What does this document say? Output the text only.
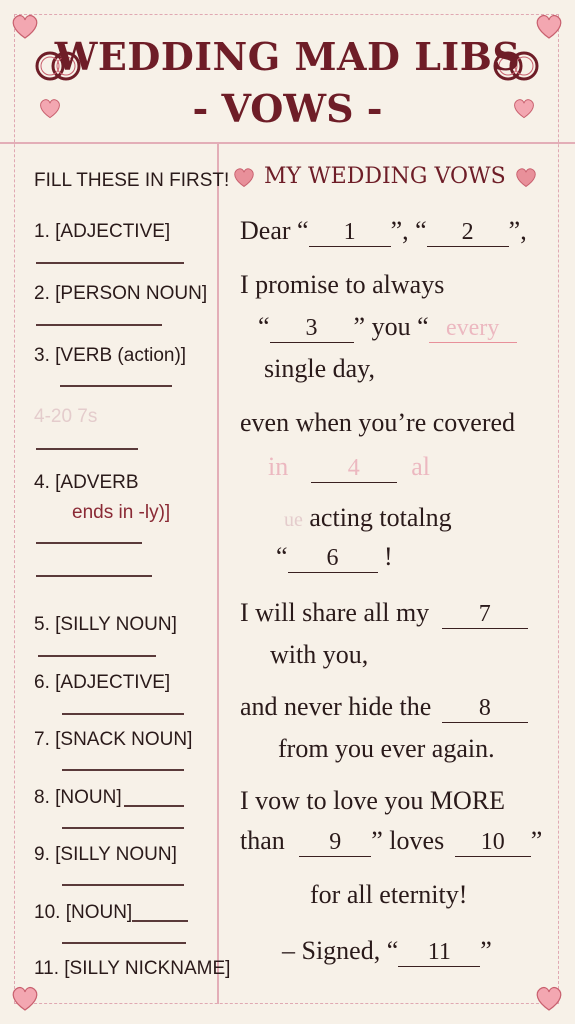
WEDDING MAD LIBS
- VOWS -
FILL THESE IN FIRST!
1. [ADJECTIVE]
2. [PERSON NOUN]
3. [VERB (action)]
4-20 7s
4. [ADVERB
ends in -ly)]
5. [SILLY NOUN]
6. [ADJECTIVE]
7. [SNACK NOUN]
8. [NOUN]
9. [SILLY NOUN]
10. [NOUN]
11. [SILLY NICKNAME]
MY WEDDING VOWS
Dear “ 1 ”, “ 2 ”,
I promise to always
“ 3 ” you “ every
single day,
even when you’re covered
in 4 al
ue acting totalng
“ 6 !
I will share all my 7
with you,
and never hide the 8
from you ever again.
I vow to love you MORE
than 9 ” loves 10 ”
for all eternity!
– Signed, “ 11 ”
